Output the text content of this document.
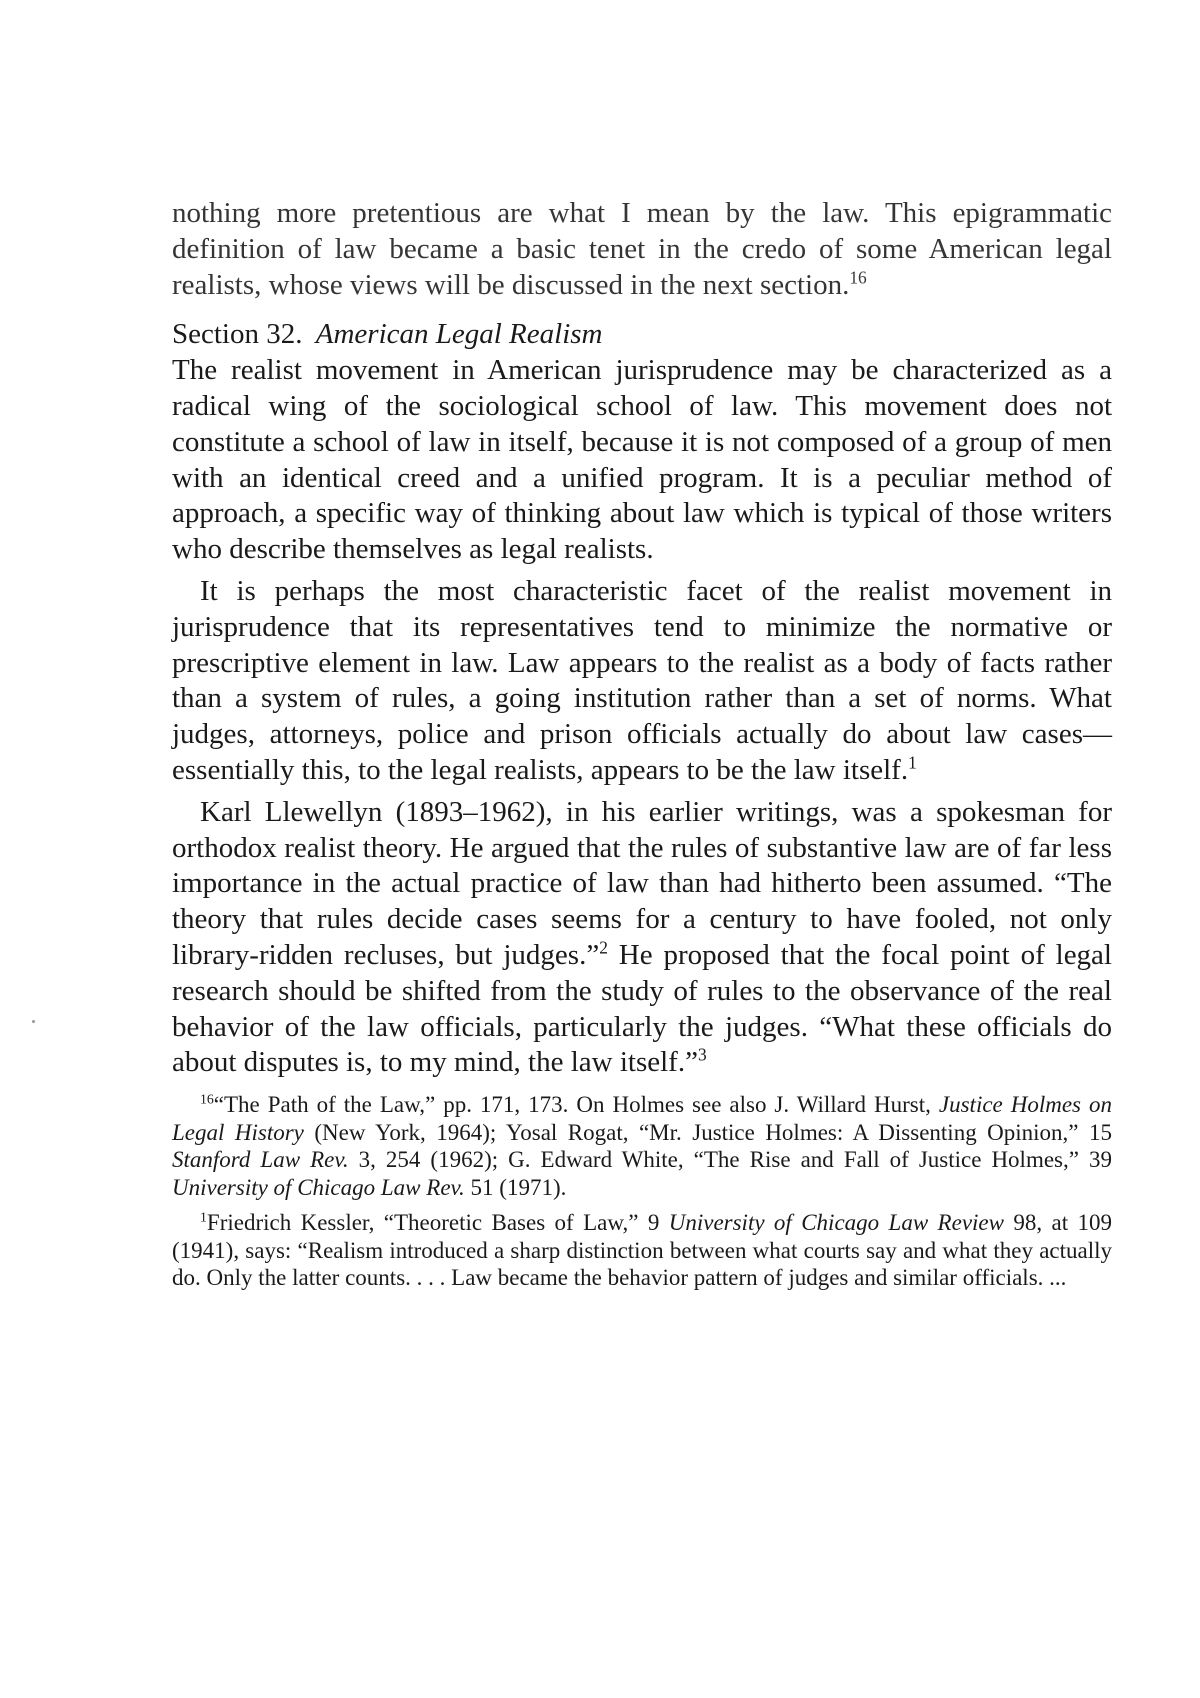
nothing more pretentious are what I mean by the law. This epigrammatic definition of law became a basic tenet in the credo of some American legal realists, whose views will be discussed in the next section.$^{16}$

Section 32. American Legal Realism

The realist movement in American jurisprudence may be characterized as a radical wing of the sociological school of law. This movement does not constitute a school of law in itself, because it is not composed of a group of men with an identical creed and a unified program. It is a peculiar method of approach, a specific way of thinking about law which is typical of those writers who describe themselves as legal realists.

It is perhaps the most characteristic facet of the realist movement in jurisprudence that its representatives tend to minimize the normative or prescriptive element in law. Law appears to the realist as a body of facts rather than a system of rules, a going institution rather than a set of norms. What judges, attorneys, police and prison officials actually do about law cases—essentially this, to the legal realists, appears to be the law itself.$^1$

Karl Llewellyn (1893–1962), in his earlier writings, was a spokesman for orthodox realist theory. He argued that the rules of substantive law are of far less importance in the actual practice of law than had hitherto been assumed. “The theory that rules decide cases seems for a century to have fooled, not only library-ridden recluses, but judges.”$^2$ He proposed that the focal point of legal research should be shifted from the study of rules to the observance of the real behavior of the law officials, particularly the judges. “What these officials do about disputes is, to my mind, the law itself.”$^3$

$^{16}$“The Path of the Law,” pp. 171, 173. On Holmes see also J. Willard Hurst, Justice Holmes on Legal History (New York, 1964); Yosal Rogat, “Mr. Justice Holmes: A Dissenting Opinion,” 15 Stanford Law Rev. 3, 254 (1962); G. Edward White, “The Rise and Fall of Justice Holmes,” 39 University of Chicago Law Rev. 51 (1971).

$^1$Friedrich Kessler, “Theoretic Bases of Law,” 9 University of Chicago Law Review 98, at 109 (1941), says: “Realism introduced a sharp distinction between what courts say and what they actually do. Only the latter counts. . . . Law became the behavior pattern of judges and similar officials. ...
